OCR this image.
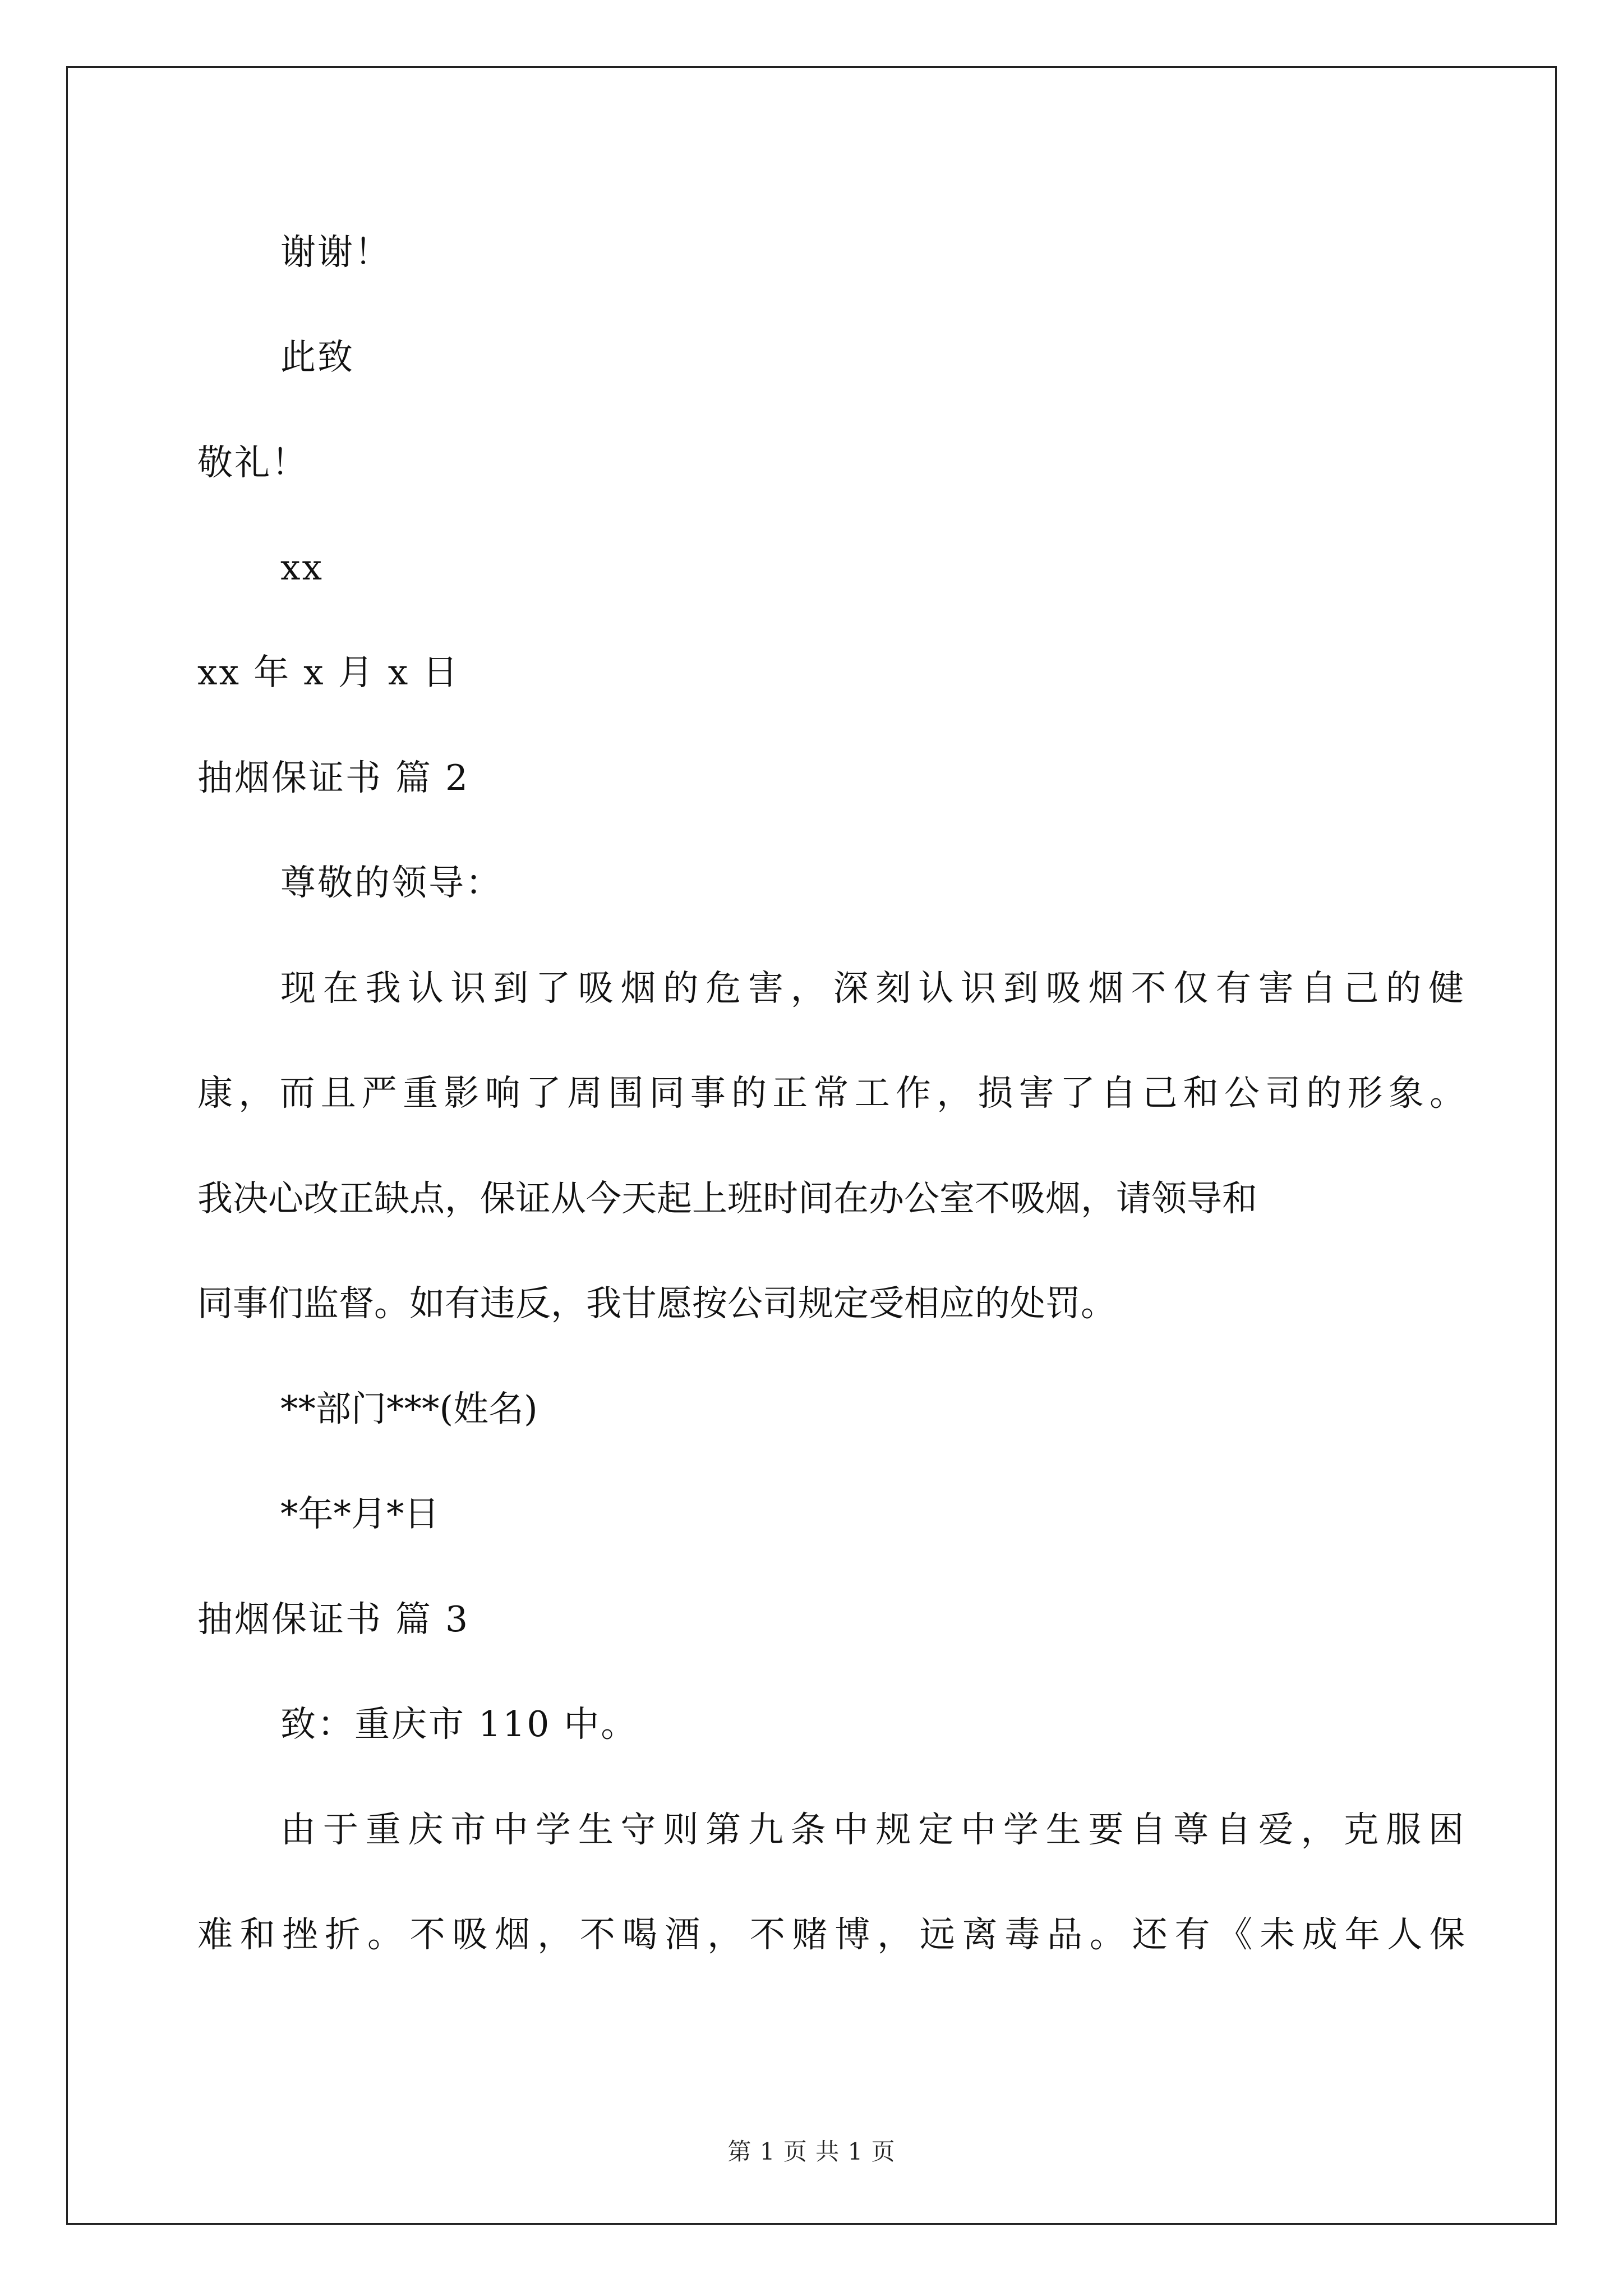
谢谢！
此致
敬礼！
xx
xx 年 x 月 x 日
抽烟保证书 篇 2
尊敬的领导：
现在我认识到了吸烟的危害，深刻认识到吸烟不仅有害自己的健
康，而且严重影响了周围同事的正常工作，损害了自己和公司的形象。
我决心改正缺点，保证从今天起上班时间在办公室不吸烟，请领导和
同事们监督。如有违反，我甘愿按公司规定受相应的处罚。
**部门***(姓名)
*年*月*日
抽烟保证书 篇 3
致：重庆市 110 中。
由于重庆市中学生守则第九条中规定中学生要自尊自爱，克服困
难和挫折。不吸烟，不喝酒，不赌博，远离毒品。还有《未成年人保
第 1 页 共 1 页
